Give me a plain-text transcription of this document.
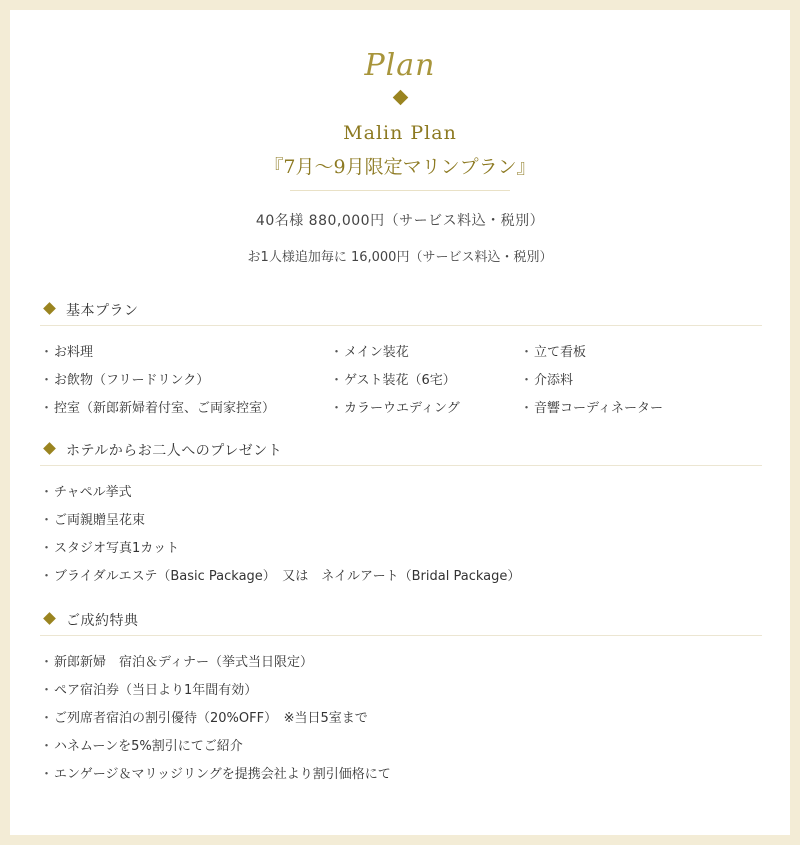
Plan
Malin Plan
『7月～9月限定マリンプラン』
40名様 880,000円（サービス料込・税別）
お1人様追加毎に 16,000円（サービス料込・税別）
基本プラン
・お料理
・お飲物（フリードリンク）
・控室（新郎新婦着付室、ご両家控室）
・メイン装花
・ゲスト装花（6宅）
・カラーウエディング
・立て看板
・介添料
・音響コーディネーター
ホテルからお二人へのプレゼント
・チャペル挙式
・ご両親贈呈花束
・スタジオ写真1カット
・ブライダルエステ（Basic Package）　又は　ネイルアート（Bridal Package）
ご成約特典
・新郎新婦　宿泊＆ディナー（挙式当日限定）
・ペア宿泊券（当日より1年間有効）
・ご列席者宿泊の割引優待（20%OFF）　※当日5室まで
・ハネムーンを5%割引にてご紹介
・エンゲージ＆マリッジリングを提携会社より割引価格にて
